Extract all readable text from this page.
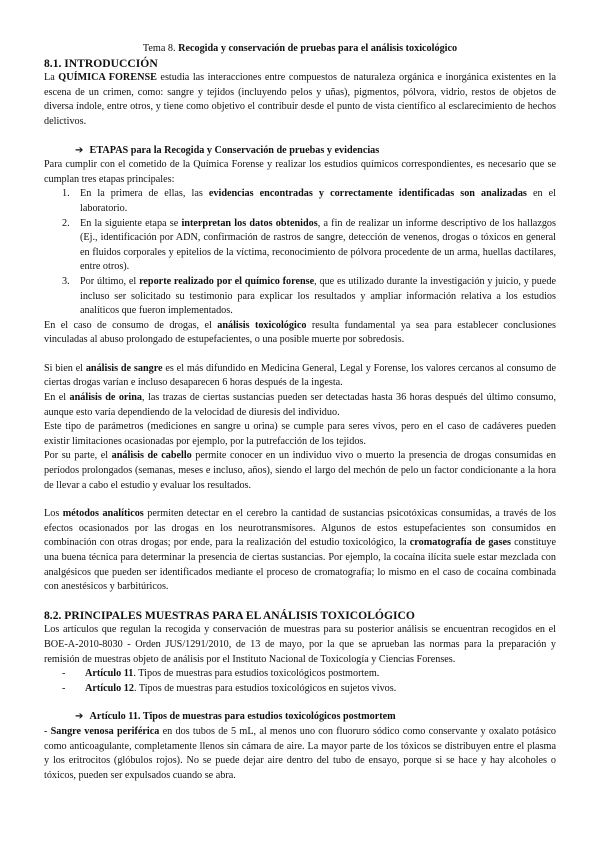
Tema 8. Recogida y conservación de pruebas para el análisis toxicológico

8.1. INTRODUCCIÓN

La QUÍMICA FORENSE estudia las interacciones entre compuestos de naturaleza orgánica e inorgánica existentes en la escena de un crimen, como: sangre y tejidos (incluyendo pelos y uñas), pigmentos, pólvora, vidrio, restos de objetos de diversa índole, entre otros, y tiene como objetivo el contribuir desde el punto de vista científico al esclarecimiento de hechos delictivos.

➔ ETAPAS para la Recogida y Conservación de pruebas y evidencias

Para cumplir con el cometido de la Química Forense y realizar los estudios químicos correspondientes, es necesario que se cumplan tres etapas principales:

1. En la primera de ellas, las evidencias encontradas y correctamente identificadas son analizadas en el laboratorio.
2. En la siguiente etapa se interpretan los datos obtenidos, a fin de realizar un informe descriptivo de los hallazgos (Ej., identificación por ADN, confirmación de rastros de sangre, detección de venenos, drogas o tóxicos en general en fluidos corporales y epitelios de la víctima, reconocimiento de pólvora procedente de un arma, huellas dactilares, entre otros).
3. Por último, el reporte realizado por el químico forense, que es utilizado durante la investigación y juicio, y puede incluso ser solicitado su testimonio para explicar los resultados y ampliar información relativa a los estudios analíticos que fueron implementados.

En el caso de consumo de drogas, el análisis toxicológico resulta fundamental ya sea para establecer conclusiones vinculadas al abuso prolongado de estupefacientes, o una posible muerte por sobredosis.

Si bien el análisis de sangre es el más difundido en Medicina General, Legal y Forense, los valores cercanos al consumo de ciertas drogas varían e incluso desaparecen 6 horas después de la ingesta.

En el análisis de orina, las trazas de ciertas sustancias pueden ser detectadas hasta 36 horas después del último consumo, aunque esto varía dependiendo de la velocidad de diuresis del individuo.

Este tipo de parámetros (mediciones en sangre u orina) se cumple para seres vivos, pero en el caso de cadáveres pueden existir limitaciones ocasionadas por ejemplo, por la putrefacción de los tejidos.

Por su parte, el análisis de cabello permite conocer en un individuo vivo o muerto la presencia de drogas consumidas en períodos prolongados (semanas, meses e incluso, años), siendo el largo del mechón de pelo un factor condicionante a la hora de llevar a cabo el estudio y evaluar los resultados.

Los métodos analíticos permiten detectar en el cerebro la cantidad de sustancias psicotóxicas consumidas, a través de los efectos ocasionados por las drogas en los neurotransmisores. Algunos de estos estupefacientes son consumidos en combinación con otras drogas; por ende, para la realización del estudio toxicológico, la cromatografía de gases constituye una buena técnica para determinar la presencia de ciertas sustancias. Por ejemplo, la cocaína ilícita suele estar mezclada con analgésicos que pueden ser identificados mediante el proceso de cromatografía; lo mismo en el caso de cocaína combinada con anestésicos y barbitúricos.

8.2. PRINCIPALES MUESTRAS PARA EL ANÁLISIS TOXICOLÓGICO

Los artículos que regulan la recogida y conservación de muestras para su posterior análisis se encuentran recogidos en el BOE-A-2010-8030 - Orden JUS/1291/2010, de 13 de mayo, por la que se aprueban las normas para la preparación y remisión de muestras objeto de análisis por el Instituto Nacional de Toxicología y Ciencias Forenses.

- Artículo 11. Tipos de muestras para estudios toxicológicos postmortem.
- Artículo 12. Tipos de muestras para estudios toxicológicos en sujetos vivos.

➔ Artículo 11. Tipos de muestras para estudios toxicológicos postmortem

- Sangre venosa periférica en dos tubos de 5 mL, al menos uno con fluoruro sódico como conservante y oxalato potásico como anticoagulante, completamente llenos sin cámara de aire. La mayor parte de los tóxicos se distribuyen entre el plasma y los eritrocitos (glóbulos rojos). No se puede dejar aire dentro del tubo de ensayo, porque si se hace y hay alcoholes o tóxicos, pueden ser expulsados cuando se abra.
